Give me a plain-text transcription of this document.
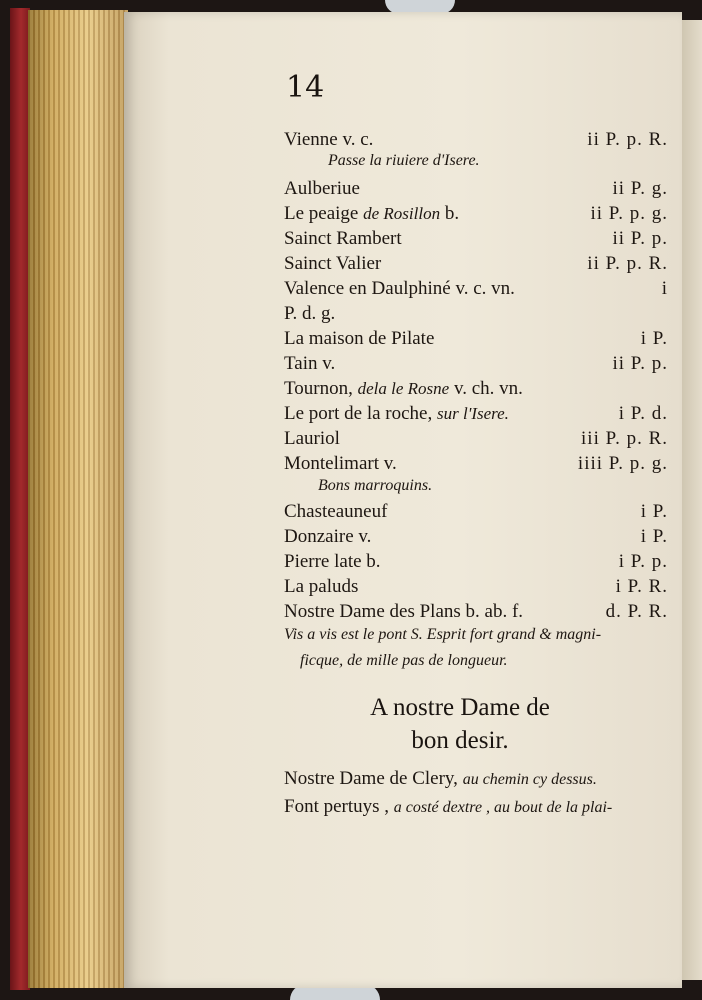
14
Vienne v. c.	ii P. p. R.
Passe la riuiere d'Isere.
Aulberiue	ii P. g.
Le peaige de Rosillon b.	ii P. p. g.
Sainct Rambert	ii P. p.
Sainct Valier	ii P. p. R.
Valence en Daulphiné v. c. vn.	i
P. d. g.
La maison de Pilate	i P.
Tain v.	ii P. p.
Tournon, dela le Rosne v. ch. vn.
Le port de la roche, sur l'Isere.	i P. d.
Lauriol	iii P. p. R.
Montelimart v.	iiii P. p. g.
Bons marroquins.
Chasteauneuf	i P.
Donzaire v.	i P.
Pierre late b.	i P. p.
La paluds	i P. R.
Nostre Dame des Plans b. ab. f.	d. P. R.
Vis a vis est le pont S. Esprit fort grand & magni-
ficque, de mille pas de longueur.
A nostre Dame de
bon desir.
Nostre Dame de Clery, au chemin cy dessus.
Font pertuys , a costé dextre , au bout de la plai-
